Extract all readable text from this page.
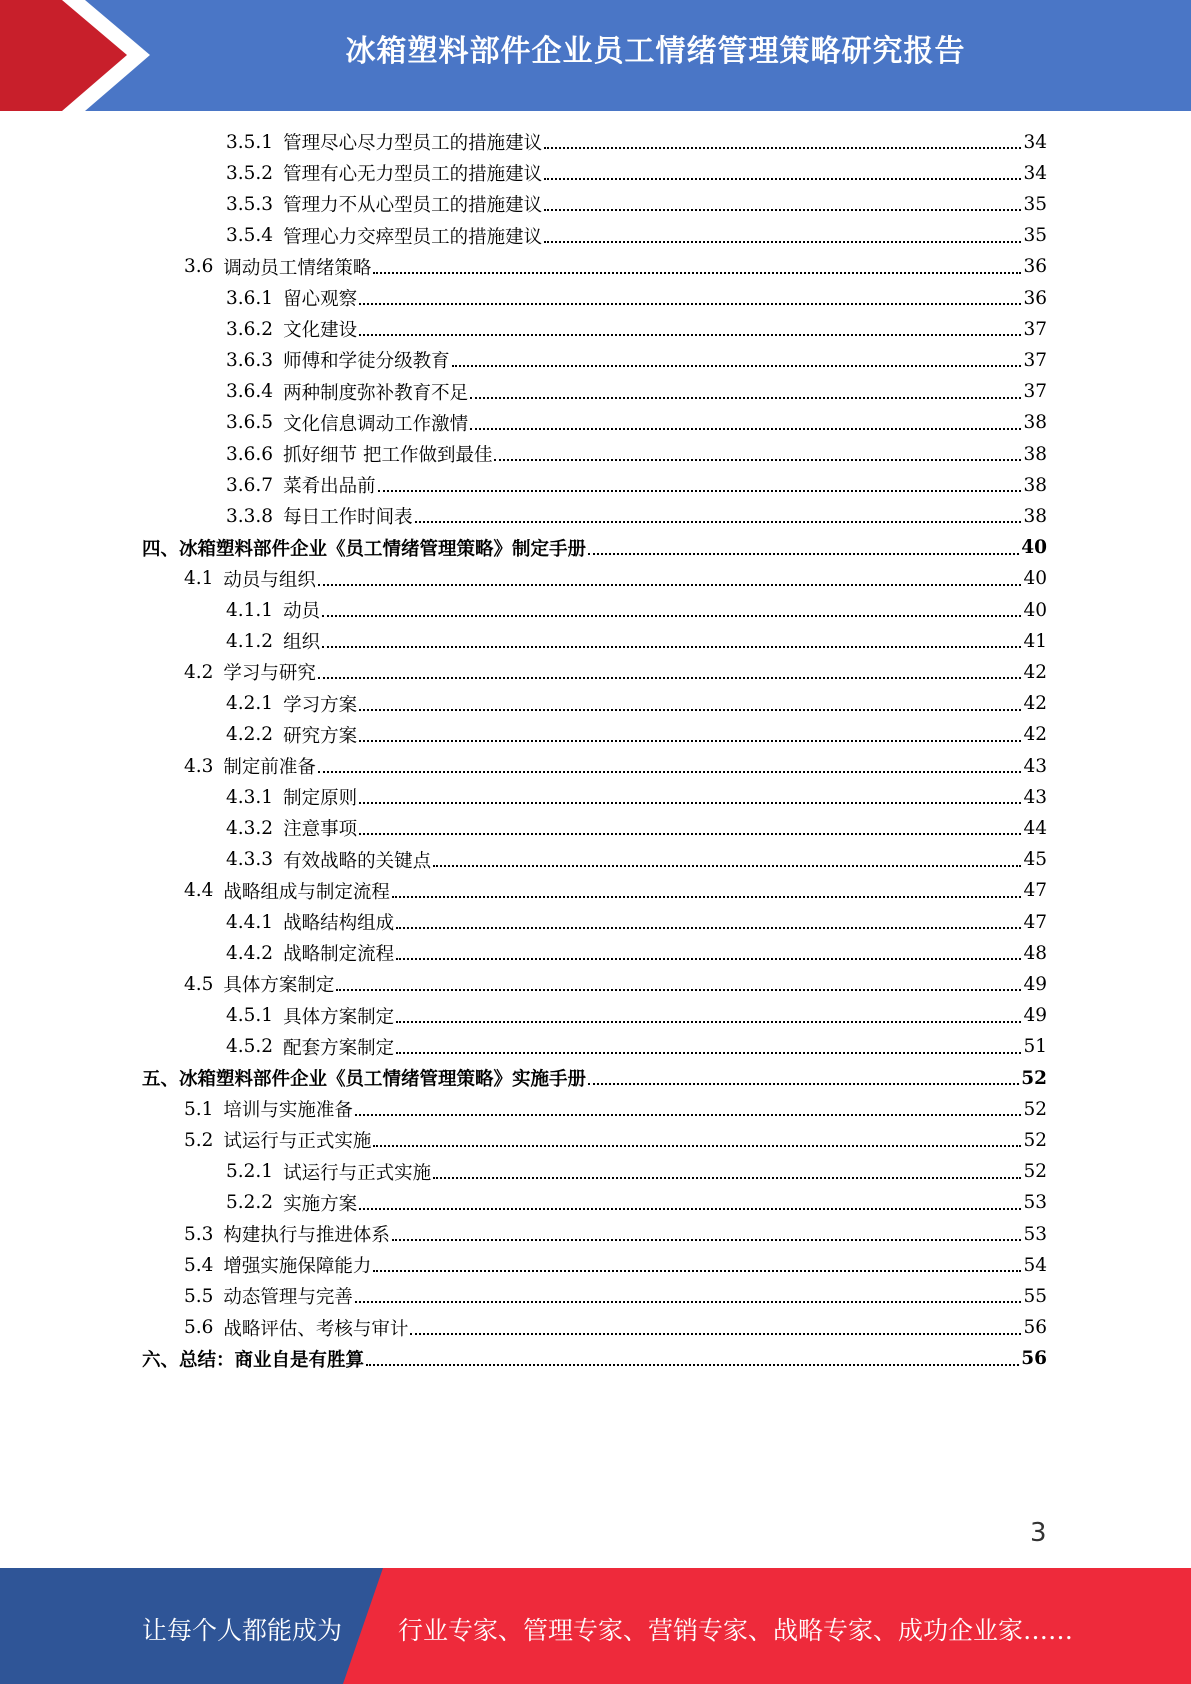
冰箱塑料部件企业员工情绪管理策略研究报告
3.5.1 管理尽心尽力型员工的措施建议	34
3.5.2 管理有心无力型员工的措施建议	34
3.5.3 管理力不从心型员工的措施建议	35
3.5.4 管理心力交瘁型员工的措施建议	35
3.6 调动员工情绪策略	36
3.6.1 留心观察	36
3.6.2 文化建设	37
3.6.3 师傅和学徒分级教育	37
3.6.4 两种制度弥补教育不足	37
3.6.5 文化信息调动工作激情	38
3.6.6 抓好细节 把工作做到最佳	38
3.6.7 菜肴出品前	38
3.3.8 每日工作时间表	38
四、冰箱塑料部件企业《员工情绪管理策略》制定手册	40
4.1 动员与组织	40
4.1.1 动员	40
4.1.2 组织	41
4.2 学习与研究	42
4.2.1 学习方案	42
4.2.2 研究方案	42
4.3 制定前准备	43
4.3.1 制定原则	43
4.3.2 注意事项	44
4.3.3 有效战略的关键点	45
4.4 战略组成与制定流程	47
4.4.1 战略结构组成	47
4.4.2 战略制定流程	48
4.5 具体方案制定	49
4.5.1 具体方案制定	49
4.5.2 配套方案制定	51
五、冰箱塑料部件企业《员工情绪管理策略》实施手册	52
5.1 培训与实施准备	52
5.2 试运行与正式实施	52
5.2.1 试运行与正式实施	52
5.2.2 实施方案	53
5.3 构建执行与推进体系	53
5.4 增强实施保障能力	54
5.5 动态管理与完善	55
5.6 战略评估、考核与审计	56
六、总结：商业自是有胜算	56
3
让每个人都能成为 行业专家、管理专家、营销专家、战略专家、成功企业家……
